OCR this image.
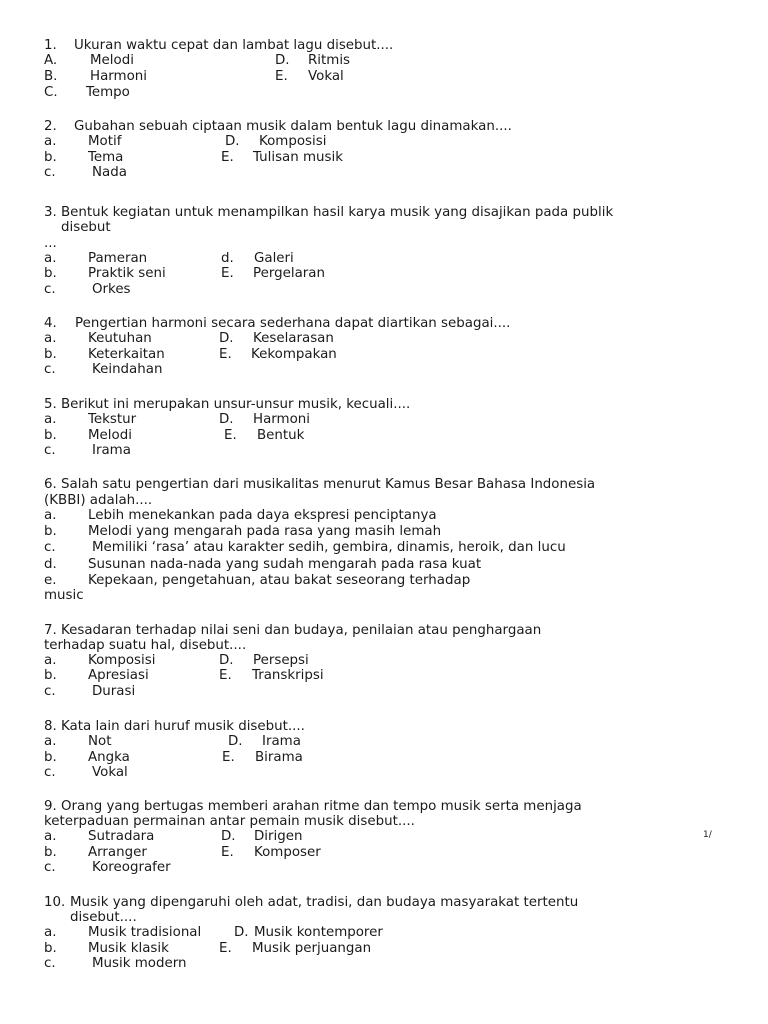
1. Ukuran waktu cepat dan lambat lagu disebut....
A. Melodi	D. Ritmis
B. Harmoni	E. Vokal
C. Tempo
2. Gubahan sebuah ciptaan musik dalam bentuk lagu dinamakan....
a. Motif	D. Komposisi
b. Tema	E. Tulisan musik
c.	Nada
3. Bentuk kegiatan untuk menampilkan hasil karya musik yang disajikan pada publik
disebut
...
a. Pameran	d. Galeri
b. Praktik seni	E. Pergelaran
c.	Orkes
4. Pengertian harmoni secara sederhana dapat diartikan sebagai....
a. Keutuhan	D. Keselarasan
b. Keterkaitan	E. Kekompakan
c.	Keindahan
5. Berikut ini merupakan unsur-unsur musik, kecuali....
a. Tekstur	D. Harmoni
b. Melodi	E. Bentuk
c.	Irama
6. Salah satu pengertian dari musikalitas menurut Kamus Besar Bahasa Indonesia
(KBBI) adalah....
a. Lebih menekankan pada daya ekspresi penciptanya
b. Melodi yang mengarah pada rasa yang masih lemah
c.	Memiliki ‘rasa’ atau karakter sedih, gembira, dinamis, heroik, dan lucu
d. Susunan nada-nada yang sudah mengarah pada rasa kuat
e. Kepekaan, pengetahuan, atau bakat seseorang terhadap
music
7. Kesadaran terhadap nilai seni dan budaya, penilaian atau penghargaan
terhadap suatu hal, disebut....
a. Komposisi	D. Persepsi
b. Apresiasi	E. Transkripsi
c.	Durasi
8. Kata lain dari huruf musik disebut....
a. Not	D. Irama
b. Angka	E. Birama
c.	Vokal
9. Orang yang bertugas memberi arahan ritme dan tempo musik serta menjaga
keterpaduan permainan antar pemain musik disebut....
a. Sutradara	D. Dirigen
b. Arranger	E. Komposer
c.	Koreografer
10. Musik yang dipengaruhi oleh adat, tradisi, dan budaya masyarakat tertentu
disebut....
a. Musik tradisional D. Musik kontemporer
b. Musik klasik	E. Musik perjuangan
c.	Musik modern
1/
